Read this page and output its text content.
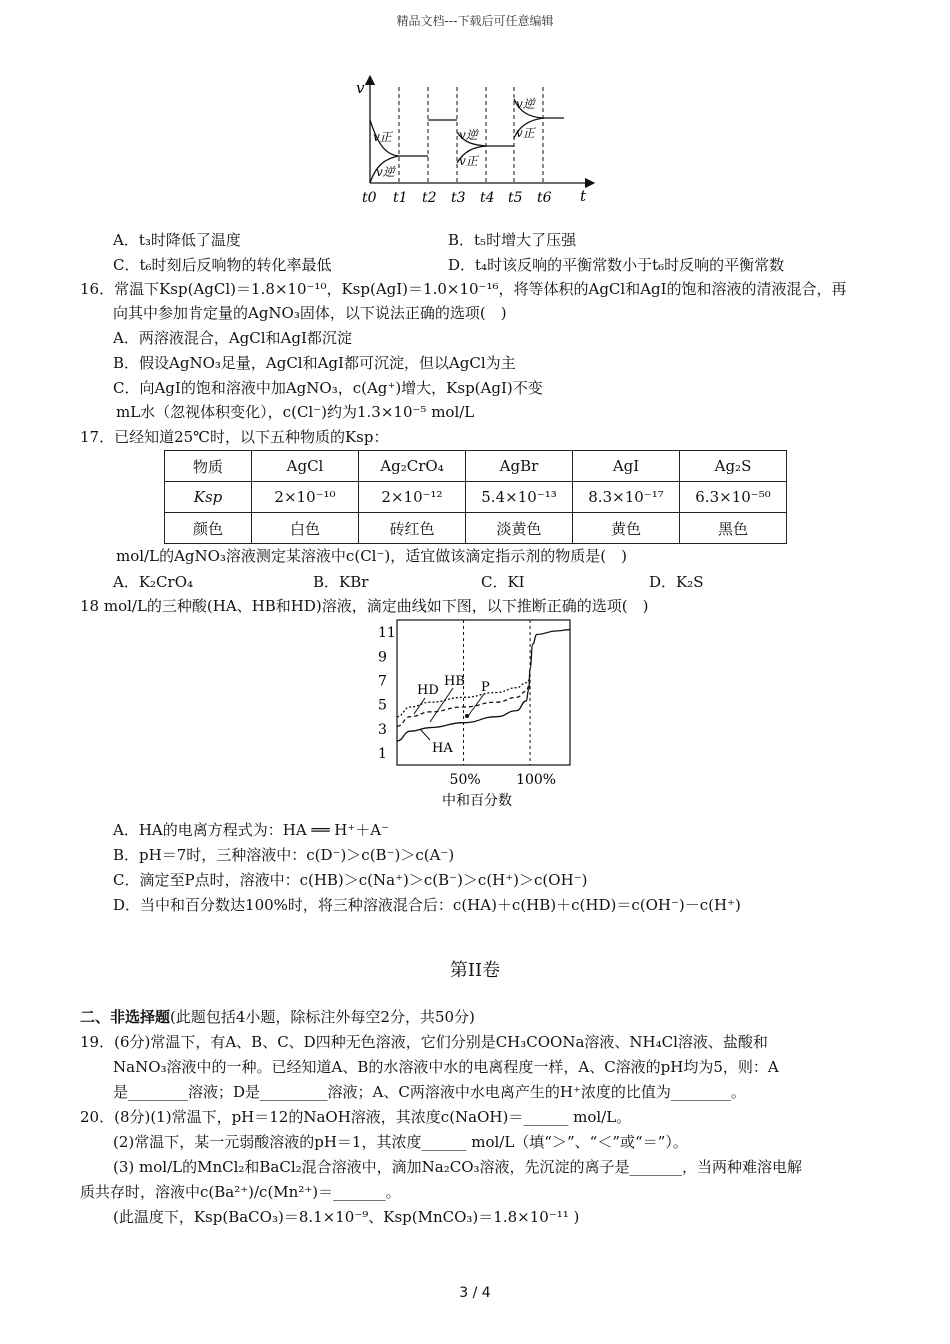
精品文档---下载后可任意编辑
v
t
v正
v逆
v逆
v正
v逆
v正
t0 t1 t2 t3 t4 t5 t6
A．t₃时降低了温度	B．t₅时增大了压强
C．t₆时刻后反响物的转化率最低	D．t₄时该反响的平衡常数小于t₆时反响的平衡常数
16．常温下Ksp(AgCl)＝1.8×10⁻¹⁰，Ksp(AgI)＝1.0×10⁻¹⁶，将等体积的AgCl和AgI的饱和溶液的清液混合，再
向其中参加肯定量的AgNO₃固体，以下说法正确的选项(　)
A．两溶液混合，AgCl和AgI都沉淀
B．假设AgNO₃足量，AgCl和AgI都可沉淀，但以AgCl为主
C．向AgI的饱和溶液中加AgNO₃，c(Ag⁺)增大，Ksp(AgI)不变
mL水（忽视体积变化），c(Cl⁻)约为1.3×10⁻⁵ mol/L
17．已经知道25℃时，以下五种物质的Ksp：
物质	AgCl	Ag₂CrO₄	AgBr	AgI	Ag₂S
Ksp	2×10⁻¹⁰	2×10⁻¹²	5.4×10⁻¹³	8.3×10⁻¹⁷	6.3×10⁻⁵⁰
颜色	白色	砖红色	淡黄色	黄色	黑色
mol/L的AgNO₃溶液测定某溶液中c(Cl⁻)，适宜做该滴定指示剂的物质是(　)
A．K₂CrO₄	B．KBr	C．KI	D．K₂S
18 mol/L的三种酸(HA、HB和HD)溶液，滴定曲线如下图，以下推断正确的选项(　)
1
3
5
7
9
11
50%	100%
中和百分数
HD
HB P
HA
A．HA的电离方程式为：HA ══ H⁺＋A⁻
B．pH＝7时，三种溶液中：c(D⁻)＞c(B⁻)＞c(A⁻)
C．滴定至P点时，溶液中：c(HB)＞c(Na⁺)＞c(B⁻)＞c(H⁺)＞c(OH⁻)
D．当中和百分数达100%时，将三种溶液混合后：c(HA)＋c(HB)＋c(HD)＝c(OH⁻)－c(H⁺)
第II卷
二、非选择题(此题包括4小题，除标注外每空2分，共50分)
19．(6分)常温下，有A、B、C、D四种无色溶液，它们分别是CH₃COONa溶液、NH₄Cl溶液、盐酸和
NaNO₃溶液中的一种。已经知道A、B的水溶液中水的电离程度一样，A、C溶液的pH均为5，则：A
是________溶液；D是_________溶液；A、C两溶液中水电离产生的H⁺浓度的比值为________。
20．(8分)(1)常温下，pH＝12的NaOH溶液，其浓度c(NaOH)＝______ mol/L。
(2)常温下，某一元弱酸溶液的pH＝1，其浓度______ mol/L（填“＞”、“＜”或“＝”）。
(3) mol/L的MnCl₂和BaCl₂混合溶液中，滴加Na₂CO₃溶液，先沉淀的离子是_______，当两种难溶电解
质共存时，溶液中c(Ba²⁺)/c(Mn²⁺)＝_______。
(此温度下，Ksp(BaCO₃)＝8.1×10⁻⁹、Ksp(MnCO₃)＝1.8×10⁻¹¹ )
3 / 4
